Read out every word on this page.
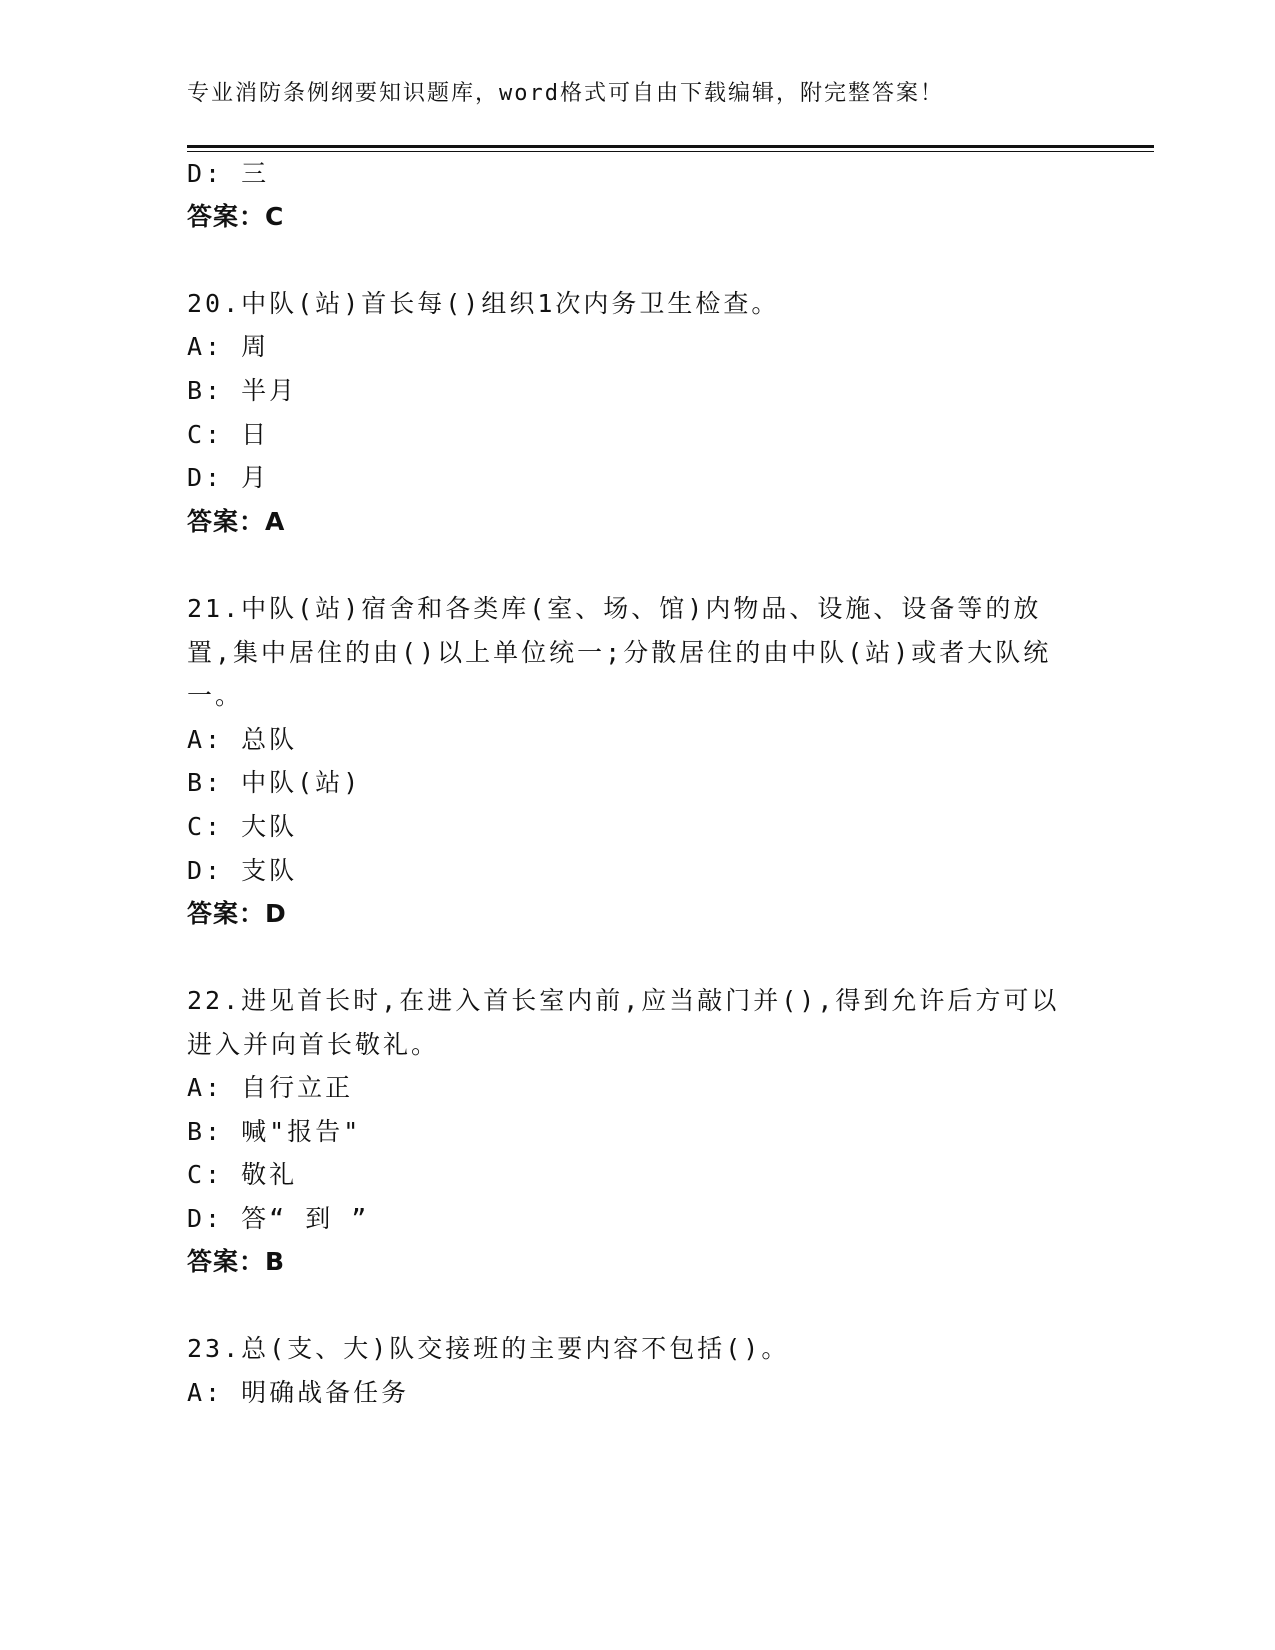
专业消防条例纲要知识题库，word格式可自由下载编辑，附完整答案！
D: 三
答案：C
20.中队(站)首长每()组织1次内务卫生检查。
A: 周
B: 半月
C: 日
D: 月
答案：A
21.中队(站)宿舍和各类库(室、场、馆)内物品、设施、设备等的放
置,集中居住的由()以上单位统一;分散居住的由中队(站)或者大队统
一。
A: 总队
B: 中队(站)
C: 大队
D: 支队
答案：D
22.进见首长时,在进入首长室内前,应当敲门并(),得到允许后方可以
进入并向首长敬礼。
A: 自行立正
B: 喊"报告"
C: 敬礼
D: 答“ 到 ”
答案：B
23.总(支、大)队交接班的主要内容不包括()。
A: 明确战备任务
